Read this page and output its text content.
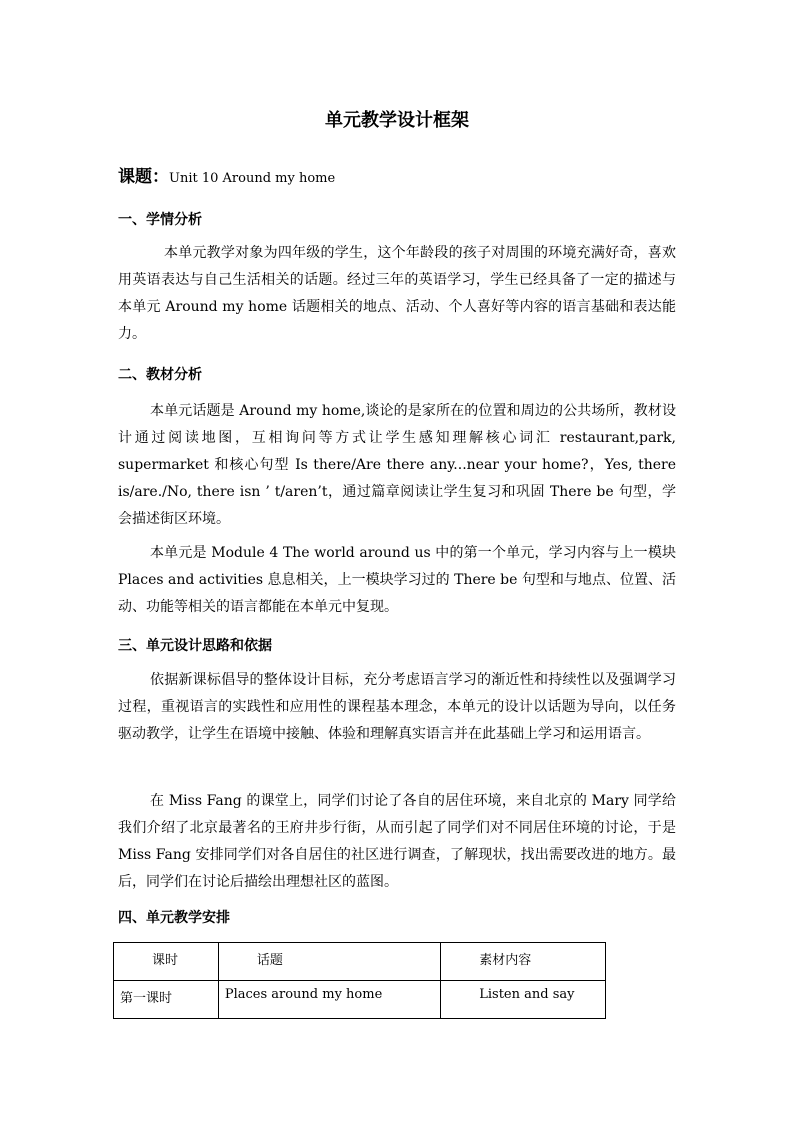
单元教学设计框架
课题：Unit 10 Around my home
一、学情分析
本单元教学对象为四年级的学生，这个年龄段的孩子对周围的环境充满好奇，喜欢用英语表达与自己生活相关的话题。经过三年的英语学习，学生已经具备了一定的描述与本单元 Around my home 话题相关的地点、活动、个人喜好等内容的语言基础和表达能力。
二、教材分析
本单元话题是 Around my home,谈论的是家所在的位置和周边的公共场所，教材设计通过阅读地图，互相询问等方式让学生感知理解核心词汇 restaurant,park, supermarket 和核心句型 Is there/Are there any...near your home?，Yes, there is/are./No, there isn ’ t/aren’t，通过篇章阅读让学生复习和巩固 There be 句型，学会描述街区环境。
本单元是 Module 4 The world around us 中的第一个单元，学习内容与上一模块 Places and activities 息息相关，上一模块学习过的 There be 句型和与地点、位置、活动、功能等相关的语言都能在本单元中复现。
三、单元设计思路和依据
依据新课标倡导的整体设计目标，充分考虑语言学习的渐近性和持续性以及强调学习过程，重视语言的实践性和应用性的课程基本理念，本单元的设计以话题为导向，以任务驱动教学，让学生在语境中接触、体验和理解真实语言并在此基础上学习和运用语言。
在 Miss Fang 的课堂上，同学们讨论了各自的居住环境，来自北京的 Mary 同学给我们介绍了北京最著名的王府井步行街，从而引起了同学们对不同居住环境的讨论，于是 Miss Fang 安排同学们对各自居住的社区进行调查，了解现状，找出需要改进的地方。最后，同学们在讨论后描绘出理想社区的蓝图。
四、单元教学安排
课时	话题	素材内容
第一课时	Places around my home	Listen and say
